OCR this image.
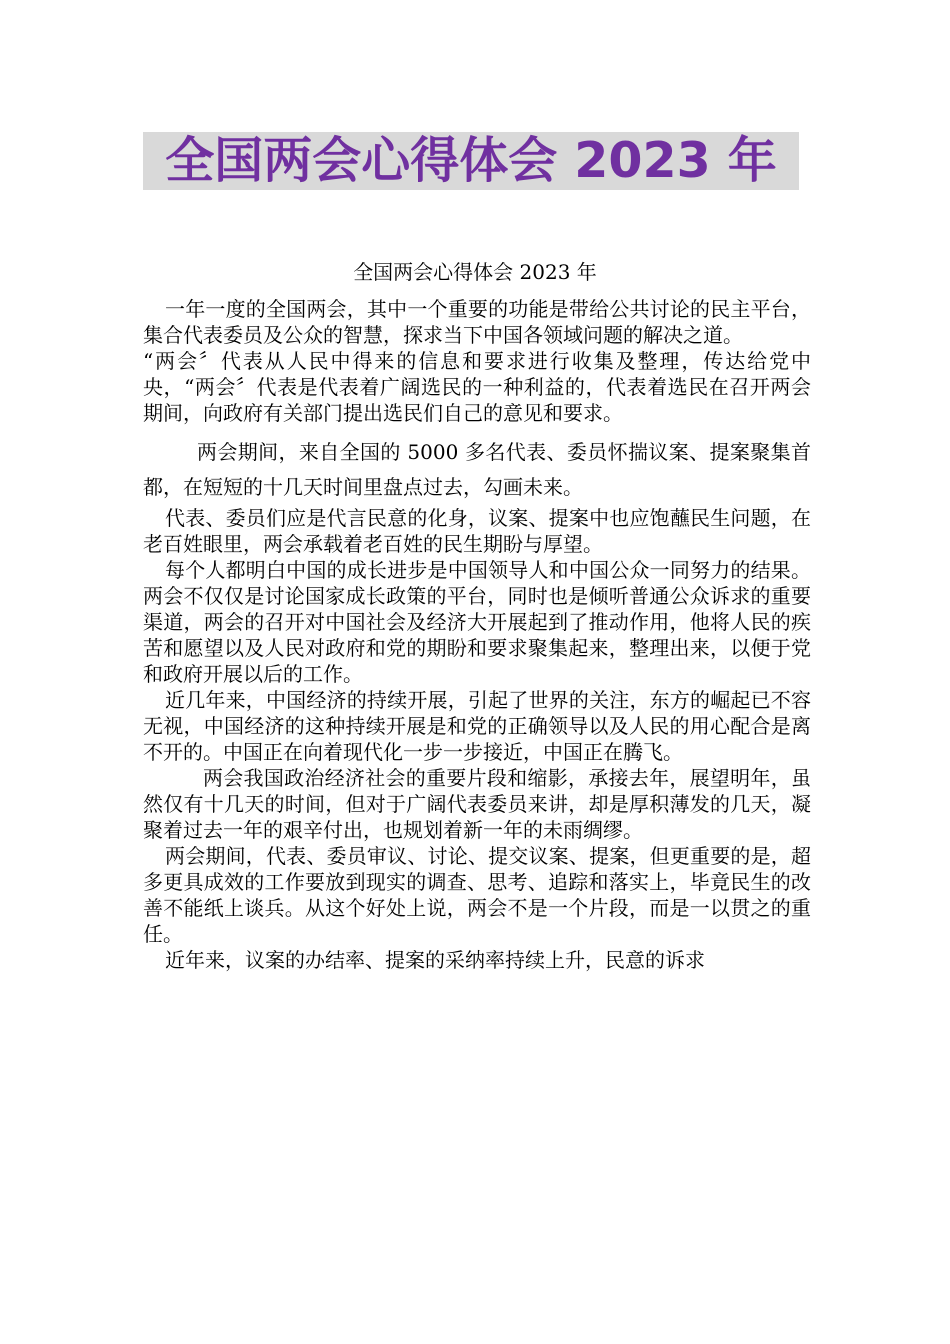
全国两会心得体会 2023 年

全国两会心得体会 2023 年

一年一度的全国两会，其中一个重要的功能是带给公共讨论的民主平台，集合代表委员及公众的智慧，探求当下中国各领域问题的解决之道。

“两会〞代表从人民中得来的信息和要求进行收集及整理，传达给党中央，“两会〞代表是代表着广阔选民的一种利益的，代表着选民在召开两会期间，向政府有关部门提出选民们自己的意见和要求。

两会期间，来自全国的 5000 多名代表、委员怀揣议案、提案聚集首都，在短短的十几天时间里盘点过去，勾画未来。

代表、委员们应是代言民意的化身，议案、提案中也应饱蘸民生问题，在老百姓眼里，两会承载着老百姓的民生期盼与厚望。

每个人都明白中国的成长进步是中国领导人和中国公众一同努力的结果。两会不仅仅是讨论国家成长政策的平台，同时也是倾听普通公众诉求的重要渠道，两会的召开对中国社会及经济大开展起到了推动作用，他将人民的疾苦和愿望以及人民对政府和党的期盼和要求聚集起来，整理出来，以便于党和政府开展以后的工作。

近几年来，中国经济的持续开展，引起了世界的关注，东方的崛起已不容无视，中国经济的这种持续开展是和党的正确领导以及人民的用心配合是离不开的。中国正在向着现代化一步一步接近，中国正在腾飞。

两会我国政治经济社会的重要片段和缩影，承接去年，展望明年，虽然仅有十几天的时间，但对于广阔代表委员来讲，却是厚积薄发的几天，凝聚着过去一年的艰辛付出，也规划着新一年的未雨绸缪。

两会期间，代表、委员审议、讨论、提交议案、提案，但更重要的是，超多更具成效的工作要放到现实的调查、思考、追踪和落实上，毕竟民生的改善不能纸上谈兵。从这个好处上说，两会不是一个片段，而是一以贯之的重任。

近年来，议案的办结率、提案的采纳率持续上升，民意的诉求
